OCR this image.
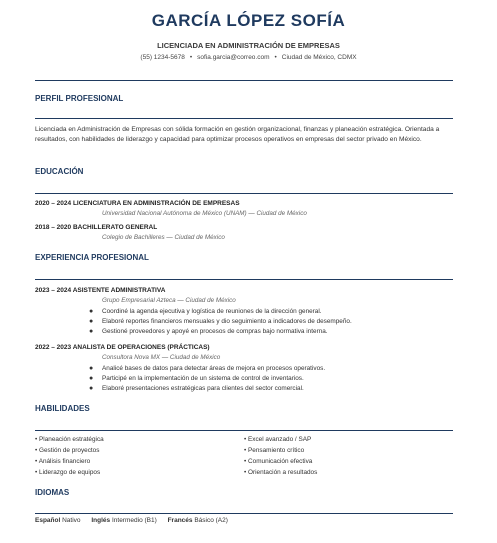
GARCÍA LÓPEZ SOFÍA
LICENCIADA EN ADMINISTRACIÓN DE EMPRESAS
(55) 1234-5678 • sofia.garcia@correo.com • Ciudad de México, CDMX
PERFIL PROFESIONAL
Licenciada en Administración de Empresas con sólida formación en gestión organizacional, finanzas y planeación estratégica. Orientada a resultados, con habilidades de liderazgo y capacidad para optimizar procesos operativos en empresas del sector privado en México.
EDUCACIÓN
2020 – 2024 LICENCIATURA EN ADMINISTRACIÓN DE EMPRESAS
Universidad Nacional Autónoma de México (UNAM) — Ciudad de México
2018 – 2020 BACHILLERATO GENERAL
Colegio de Bachilleres — Ciudad de México
EXPERIENCIA PROFESIONAL
2023 – 2024 ASISTENTE ADMINISTRATIVA
Grupo Empresarial Azteca — Ciudad de México
● Coordiné la agenda ejecutiva y logística de reuniones de la dirección general.
● Elaboré reportes financieros mensuales y dio seguimiento a indicadores de desempeño.
● Gestioné proveedores y apoyé en procesos de compras bajo normativa interna.
2022 – 2023 ANALISTA DE OPERACIONES (PRÁCTICAS)
Consultora Nova MX — Ciudad de México
● Analicé bases de datos para detectar áreas de mejora en procesos operativos.
● Participé en la implementación de un sistema de control de inventarios.
● Elaboré presentaciones estratégicas para clientes del sector comercial.
HABILIDADES
• Planeación estratégica
• Gestión de proyectos
• Análisis financiero
• Liderazgo de equipos
• Excel avanzado / SAP
• Pensamiento crítico
• Comunicación efectiva
• Orientación a resultados
IDIOMAS
Español Nativo Inglés Intermedio (B1) Francés Básico (A2)
